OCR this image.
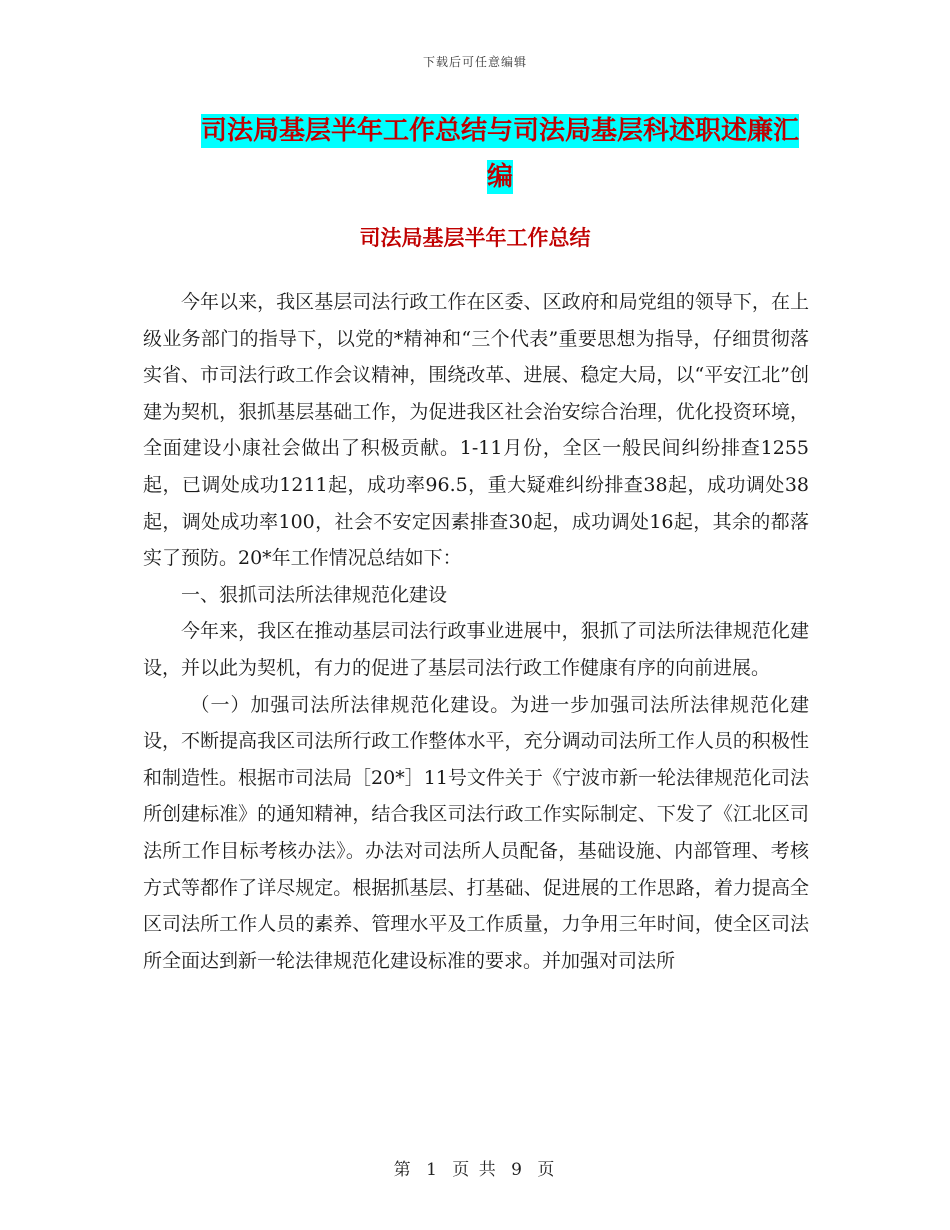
下载后可任意编辑
司法局基层半年工作总结与司法局基层科述职述廉汇
编
司法局基层半年工作总结

今年以来，我区基层司法行政工作在区委、区政府和局党组的领导下，在上级业务部门的指导下，以党的*精神和“三个代表”重要思想为指导，仔细贯彻落实省、市司法行政工作会议精神，围绕改革、进展、稳定大局，以“平安江北”创建为契机，狠抓基层基础工作，为促进我区社会治安综合治理，优化投资环境，全面建设小康社会做出了积极贡献。1-11月份，全区一般民间纠纷排查1255起，已调处成功1211起，成功率96.5，重大疑难纠纷排查38起，成功调处38起，调处成功率100，社会不安定因素排查30起，成功调处16起，其余的都落实了预防。20*年工作情况总结如下：

一、狠抓司法所法律规范化建设

今年来，我区在推动基层司法行政事业进展中，狠抓了司法所法律规范化建设，并以此为契机，有力的促进了基层司法行政工作健康有序的向前进展。

（一）加强司法所法律规范化建设。为进一步加强司法所法律规范化建设，不断提高我区司法所行政工作整体水平，充分调动司法所工作人员的积极性和制造性。根据市司法局［20*］11号文件关于《宁波市新一轮法律规范化司法所创建标准》的通知精神，结合我区司法行政工作实际制定、下发了《江北区司法所工作目标考核办法》。办法对司法所人员配备，基础设施、内部管理、考核方式等都作了详尽规定。根据抓基层、打基础、促进展的工作思路，着力提高全区司法所工作人员的素养、管理水平及工作质量，力争用三年时间，使全区司法所全面达到新一轮法律规范化建设标准的要求。并加强对司法所

第 1 页 共 9 页
